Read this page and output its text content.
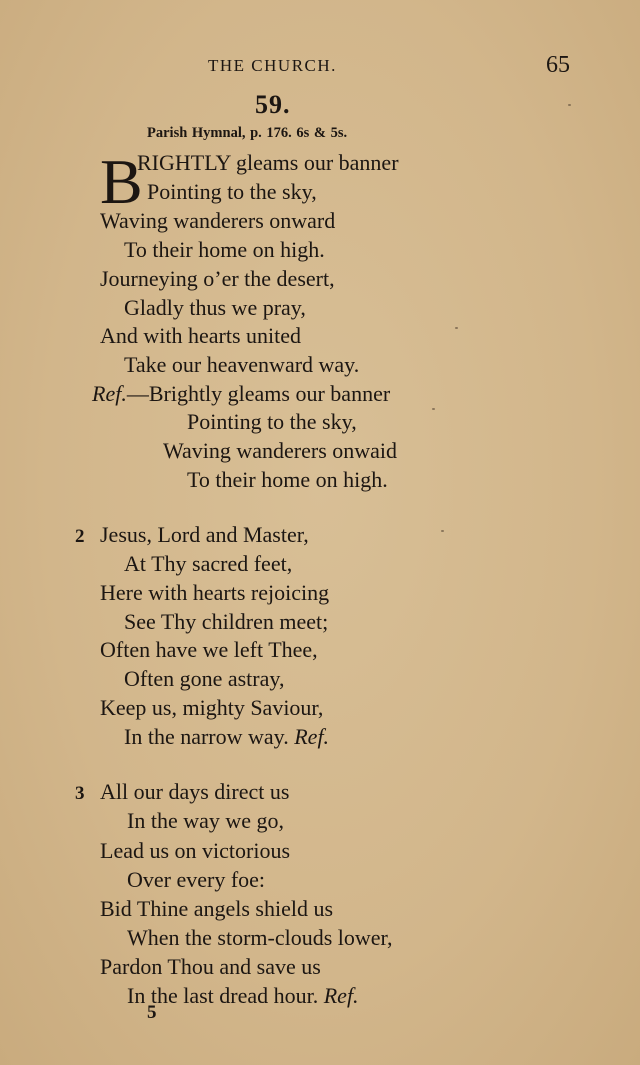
THE CHURCH.	65
59.
Parish Hymnal, p. 176. 6s & 5s.
B
RIGHTLY gleams our banner
Pointing to the sky,
Waving wanderers onward
To their home on high.
Journeying o’er the desert,
Gladly thus we pray,
And with hearts united
Take our heavenward way.
Ref.—Brightly gleams our banner
Pointing to the sky,
Waving wanderers onwaid
To their home on high.
2 Jesus, Lord and Master,
At Thy sacred feet,
Here with hearts rejoicing
See Thy children meet;
Often have we left Thee,
Often gone astray,
Keep us, mighty Saviour,
In the narrow way. Ref.
3 All our days direct us
In the way we go,
Lead us on victorious
Over every foe:
Bid Thine angels shield us
When the storm-clouds lower,
Pardon Thou and save us
In the last dread hour. Ref.
5
